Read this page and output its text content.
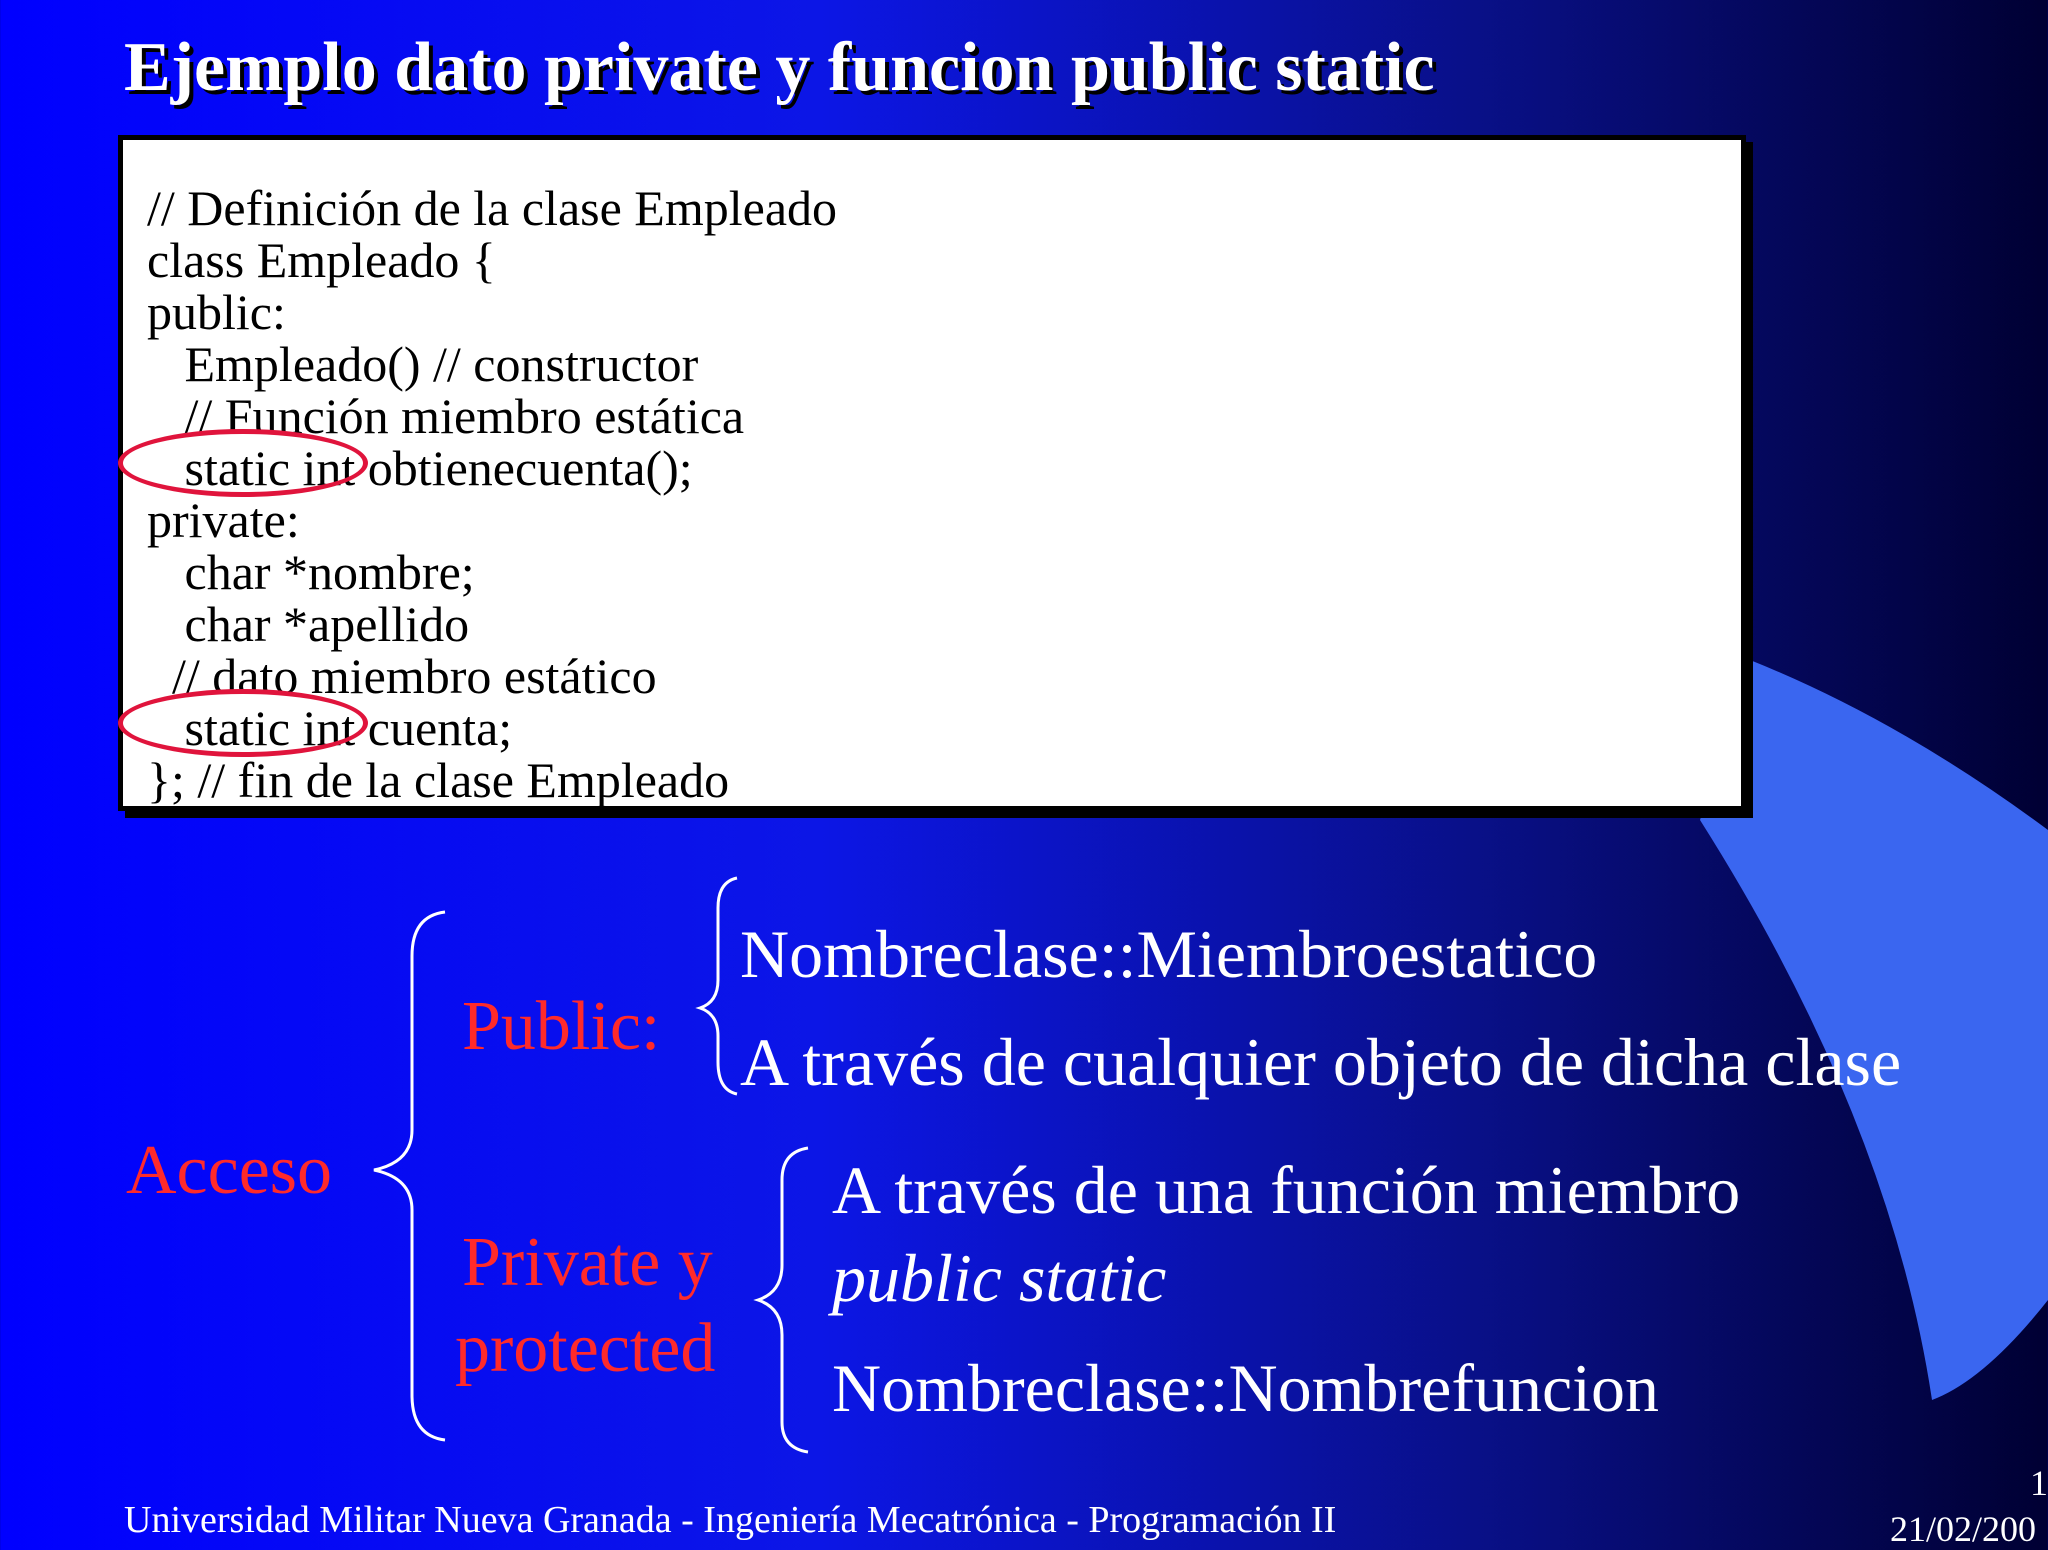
Ejemplo dato private y funcion public static
// Definición de la clase Empleado
class Empleado {
public:
Empleado() // constructor
// Función miembro estática
static int obtienecuenta();
private:
char *nombre;
char *apellido
// dato miembro estático
static int cuenta;
}; // fin de la clase Empleado
Acceso
Public:
Private y
protected
Nombreclase::Miembroestatico
A través de cualquier objeto de dicha clase
A través de una función miembro
public static
Nombreclase::Nombrefuncion
Universidad Militar Nueva Granada - Ingeniería Mecatrónica - Programación II
1
21/02/200
